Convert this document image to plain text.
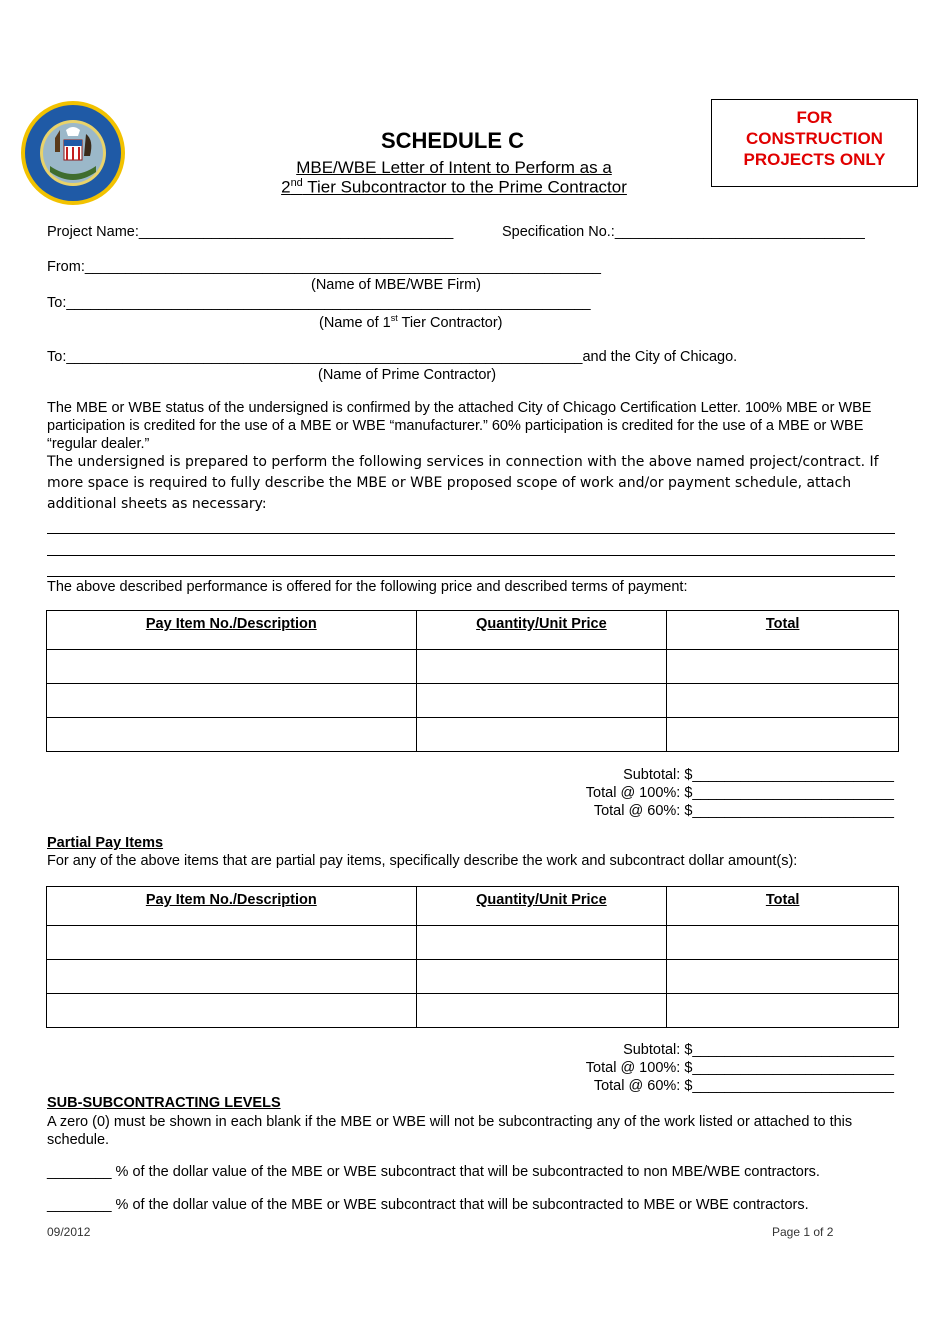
SCHEDULE C
MBE/WBE Letter of Intent to Perform as a
2nd Tier Subcontractor to the Prime Contractor
FOR
CONSTRUCTION
PROJECTS ONLY
Project Name:_______________________________________	Specification No.:_______________________________
From:________________________________________________________________
(Name of MBE/WBE Firm)
To:_________________________________________________________________
(Name of 1st Tier Contractor)
To:________________________________________________________________and the City of Chicago.
(Name of Prime Contractor)
The MBE or WBE status of the undersigned is confirmed by the attached City of Chicago Certification Letter. 100% MBE or WBE participation is credited for the use of a MBE or WBE “manufacturer.” 60% participation is credited for the use of a MBE or WBE “regular dealer.”
The undersigned is prepared to perform the following services in connection with the above named project/contract. If more space is required to fully describe the MBE or WBE proposed scope of work and/or payment schedule, attach additional sheets as necessary:
The above described performance is offered for the following price and described terms of payment:
Pay Item No./Description	Quantity/Unit Price	Total

Subtotal: $_________________________
Total @ 100%: $_________________________
Total @ 60%: $_________________________
Partial Pay Items
For any of the above items that are partial pay items, specifically describe the work and subcontract dollar amount(s):
Pay Item No./Description	Quantity/Unit Price	Total

Subtotal: $_________________________
Total @ 100%: $_________________________
Total @ 60%: $_________________________
SUB-SUBCONTRACTING LEVELS
A zero (0) must be shown in each blank if the MBE or WBE will not be subcontracting any of the work listed or attached to this schedule.
________ % of the dollar value of the MBE or WBE subcontract that will be subcontracted to non MBE/WBE contractors.
________ % of the dollar value of the MBE or WBE subcontract that will be subcontracted to MBE or WBE contractors.
09/2012	Page 1 of 2
